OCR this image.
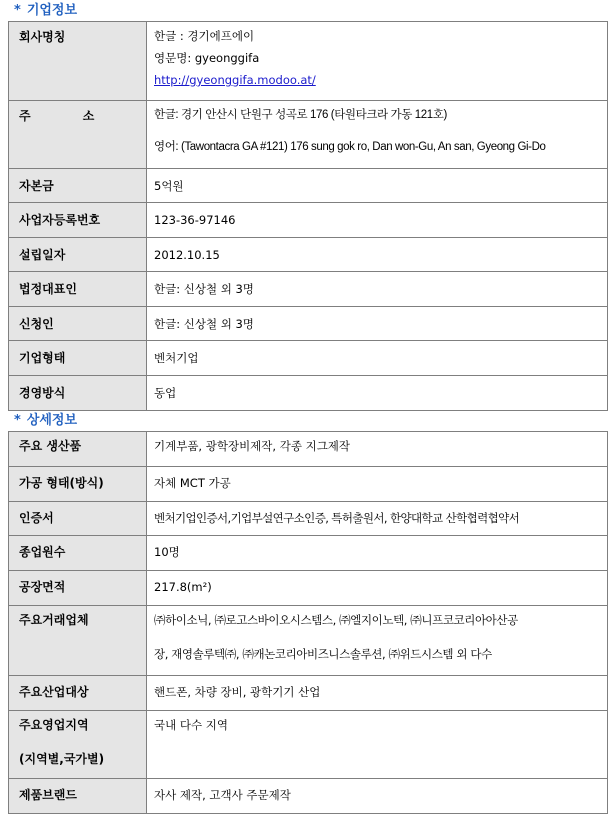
* 기업정보
회사명칭	한글 : 경기에프에이
영문명: gyeonggifa
http://gyeonggifa.modoo.at/

주 소	한글: 경기 안산시 단원구 성곡로 176 (타원타크라 가동 121호)
영어: (Tawontacra GA #121) 176 sung gok ro, Dan won-Gu, An san, Gyeong Gi-Do

자본금	5억원

사업자등록번호	123-36-97146

설립일자	2012.10.15

법정대표인	한글: 신상철 외 3명

신청인	한글: 신상철 외 3명

기업형태	벤처기업

경영방식	동업
* 상세정보
주요 생산품	기계부품, 광학장비제작, 각종 지그제작

가공 형태(방식)	자체 MCT 가공

인증서	벤처기업인증서,기업부설연구소인증, 특허출원서, 한양대학교 산학협력협약서

종업원수	10명

공장면적	217.8(m²)

주요거래업체	㈜하이소닉, ㈜로고스바이오시스템스, ㈜엘지이노텍, ㈜니프코코리아아산공
장, 재영솔루텍㈜, ㈜캐논코리아비즈니스솔루션, ㈜위드시스템 외 다수

주요산업대상	핸드폰, 차량 장비, 광학기기 산업

주요영업지역
(지역별,국가별)	국내 다수 지역

제품브랜드	자사 제작, 고객사 주문제작
